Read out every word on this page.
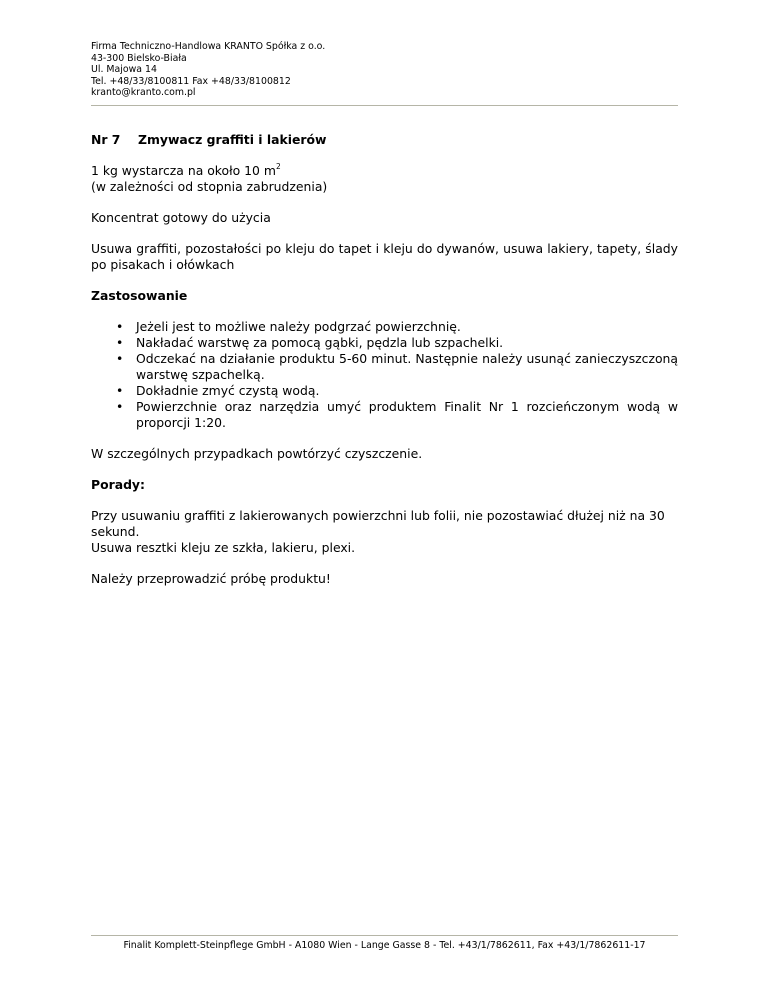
Firma Techniczno-Handlowa KRANTO Spółka z o.o.
43-300 Bielsko-Biała
Ul. Majowa 14
Tel. +48/33/8100811 Fax +48/33/8100812
kranto@kranto.com.pl
Nr 7	Zmywacz graffiti i lakierów

1 kg wystarcza na około 10 $m^2$
(w zależności od stopnia zabrudzenia)

Koncentrat gotowy do użycia

Usuwa graffiti, pozostałości po kleju do tapet i kleju do dywanów, usuwa lakiery, tapety, ślady po pisakach i ołówkach

Zastosowanie

• Jeżeli jest to możliwe należy podgrzać powierzchnię.
• Nakładać warstwę za pomocą gąbki, pędzla lub szpachelki.
• Odczekać na działanie produktu 5-60 minut. Następnie należy usunąć zanieczyszczoną warstwę szpachelką.
• Dokładnie zmyć czystą wodą.
• Powierzchnie oraz narzędzia umyć produktem Finalit Nr 1 rozcieńczonym wodą w proporcji 1:20.

W szczególnych przypadkach powtórzyć czyszczenie.

Porady:

Przy usuwaniu graffiti z lakierowanych powierzchni lub folii, nie pozostawiać dłużej niż na 30 sekund.
Usuwa resztki kleju ze szkła, lakieru, plexi.

Należy przeprowadzić próbę produktu!

Finalit Komplett-Steinpflege GmbH - A1080 Wien - Lange Gasse 8 - Tel. +43/1/7862611, Fax +43/1/7862611-17
